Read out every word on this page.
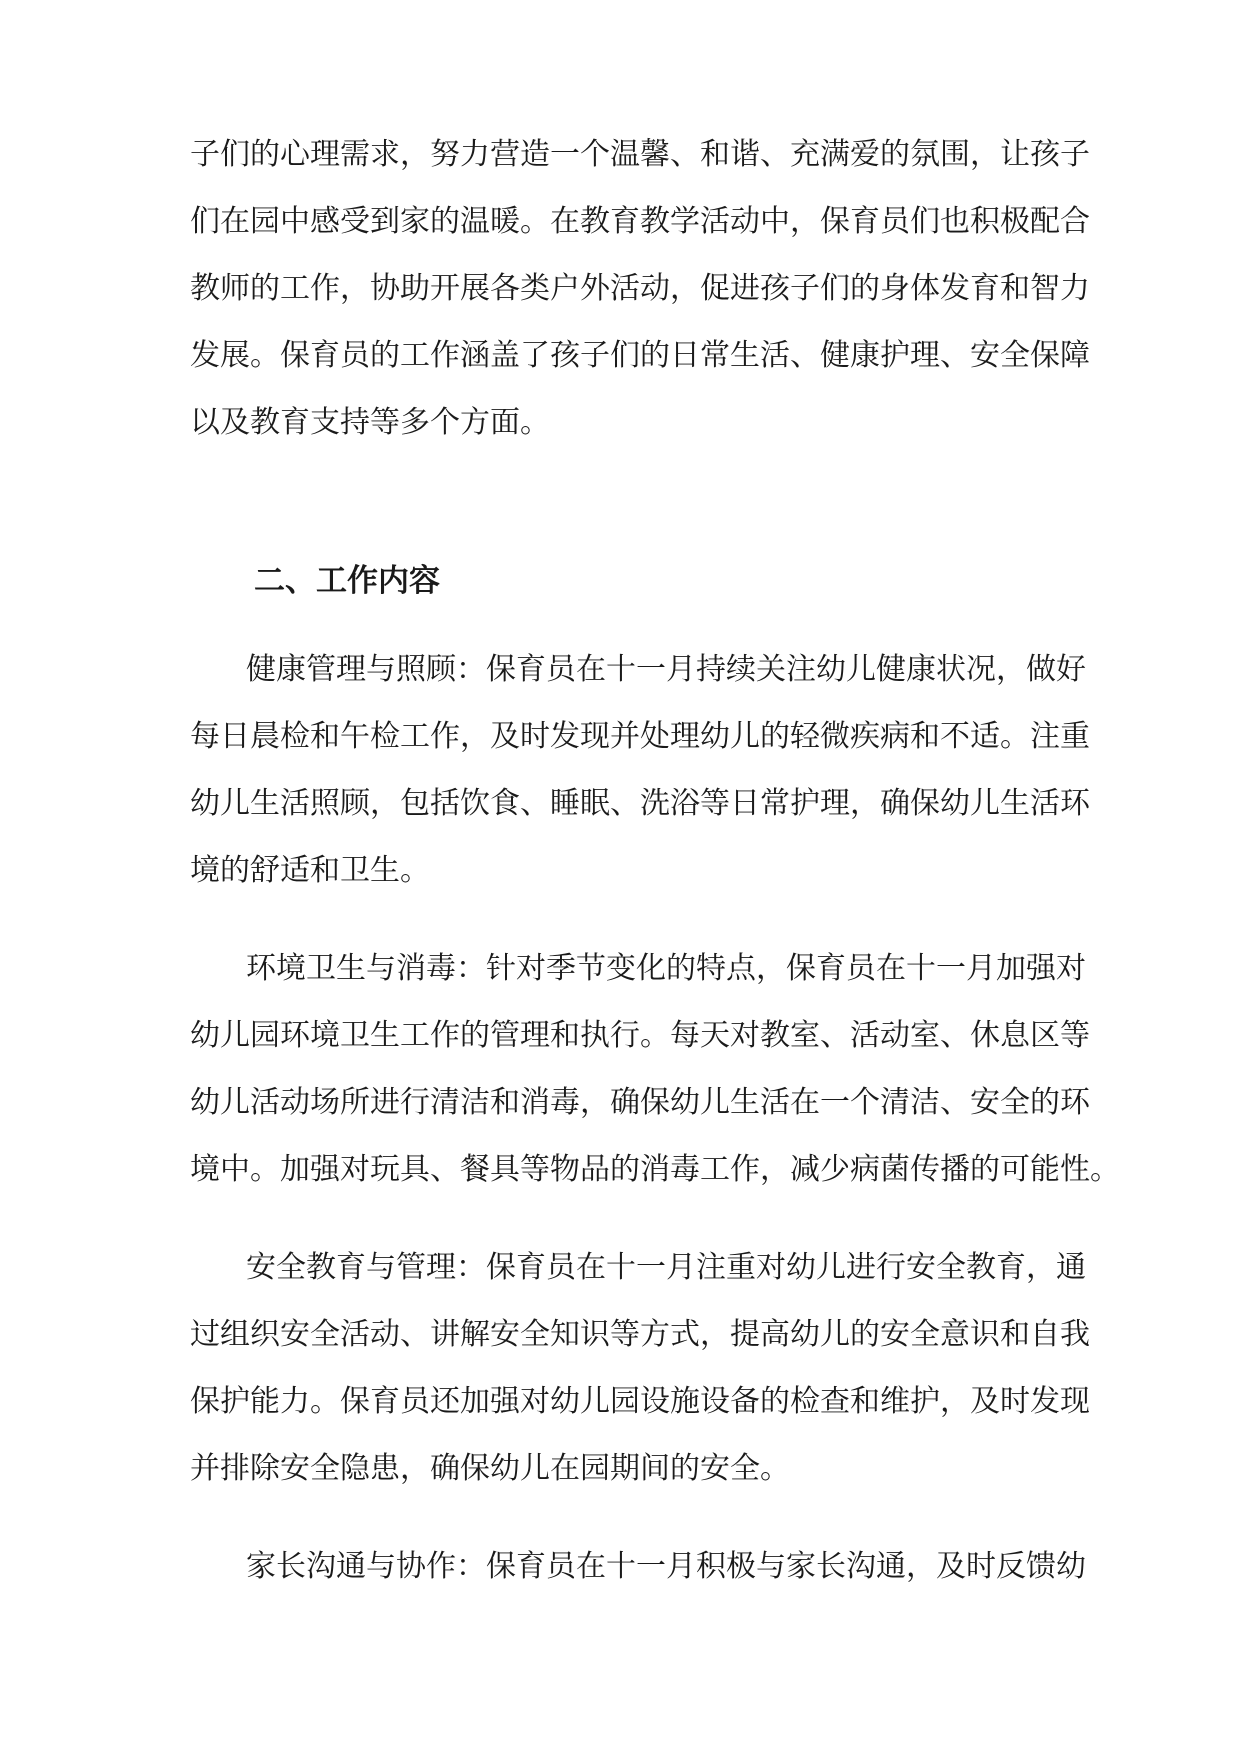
子们的心理需求，努力营造一个温馨、和谐、充满爱的氛围，让孩子
们在园中感受到家的温暖。在教育教学活动中，保育员们也积极配合
教师的工作，协助开展各类户外活动，促进孩子们的身体发育和智力
发展。保育员的工作涵盖了孩子们的日常生活、健康护理、安全保障
以及教育支持等多个方面。
二、工作内容
健康管理与照顾：保育员在十一月持续关注幼儿健康状况，做好
每日晨检和午检工作，及时发现并处理幼儿的轻微疾病和不适。注重
幼儿生活照顾，包括饮食、睡眠、洗浴等日常护理，确保幼儿生活环
境的舒适和卫生。
环境卫生与消毒：针对季节变化的特点，保育员在十一月加强对
幼儿园环境卫生工作的管理和执行。每天对教室、活动室、休息区等
幼儿活动场所进行清洁和消毒，确保幼儿生活在一个清洁、安全的环
境中。加强对玩具、餐具等物品的消毒工作，减少病菌传播的可能性。
安全教育与管理：保育员在十一月注重对幼儿进行安全教育，通
过组织安全活动、讲解安全知识等方式，提高幼儿的安全意识和自我
保护能力。保育员还加强对幼儿园设施设备的检查和维护，及时发现
并排除安全隐患，确保幼儿在园期间的安全。
家长沟通与协作：保育员在十一月积极与家长沟通，及时反馈幼
